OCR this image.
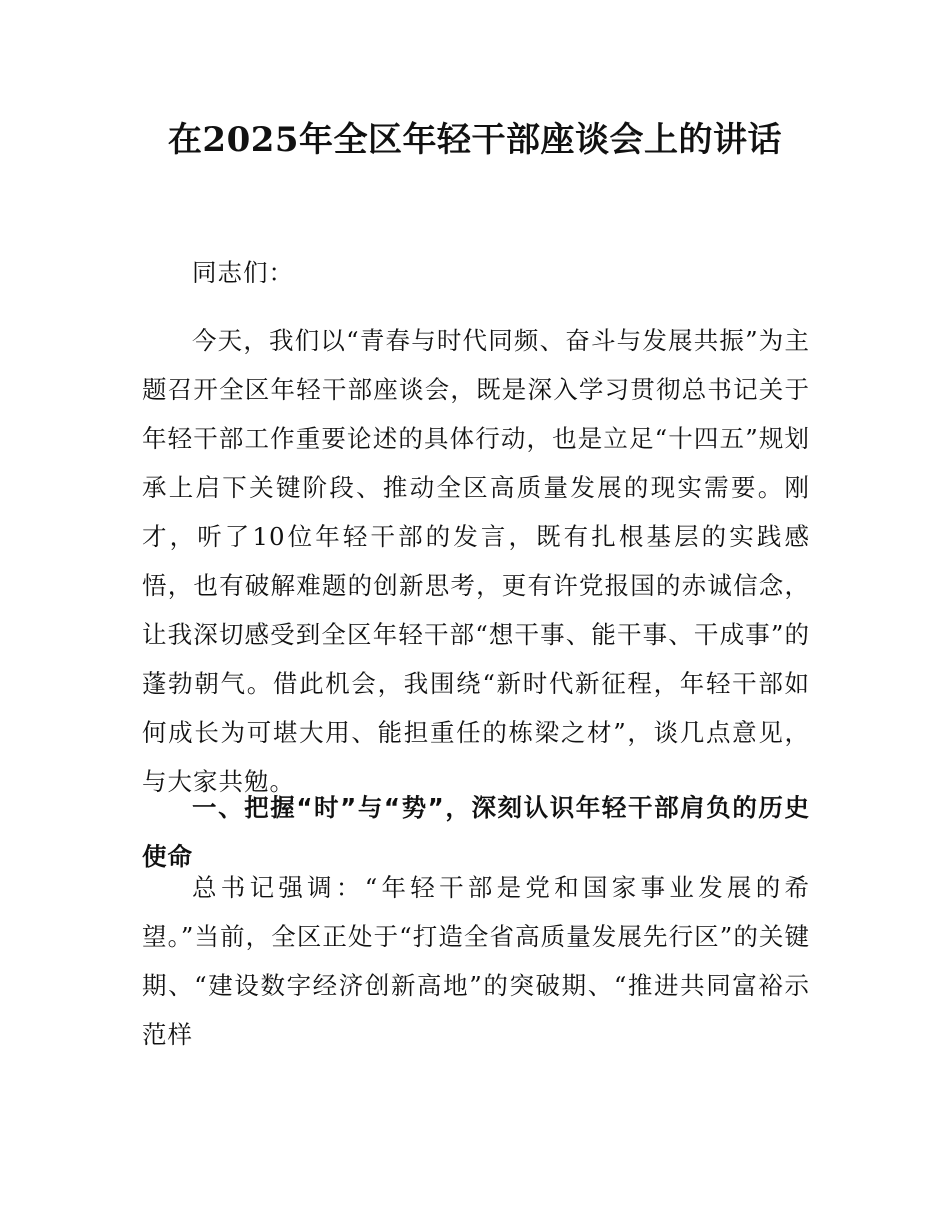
在2025年全区年轻干部座谈会上的讲话

同志们：

今天，我们以“青春与时代同频、奋斗与发展共振”为主题召开全区年轻干部座谈会，既是深入学习贯彻总书记关于年轻干部工作重要论述的具体行动，也是立足“十四五”规划承上启下关键阶段、推动全区高质量发展的现实需要。刚才，听了10位年轻干部的发言，既有扎根基层的实践感悟，也有破解难题的创新思考，更有许党报国的赤诚信念，让我深切感受到全区年轻干部“想干事、能干事、干成事”的蓬勃朝气。借此机会，我围绕“新时代新征程，年轻干部如何成长为可堪大用、能担重任的栋梁之材”，谈几点意见，与大家共勉。

一、把握“时”与“势”，深刻认识年轻干部肩负的历史使命

总书记强调：“年轻干部是党和国家事业发展的希望。”当前，全区正处于“打造全省高质量发展先行区”的关键期、“建设数字经济创新高地”的突破期、“推进共同富裕示范样
